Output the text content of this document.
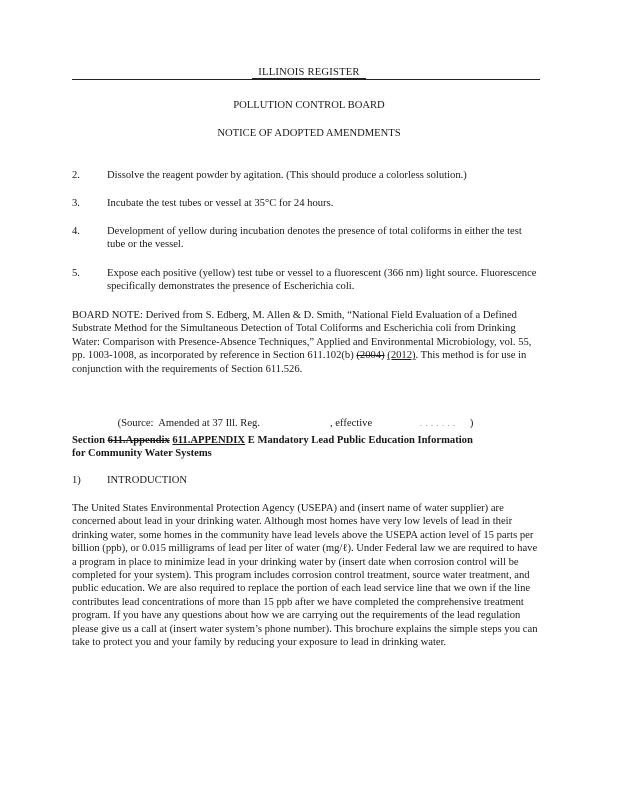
ILLINOIS REGISTER
POLLUTION CONTROL BOARD
NOTICE OF ADOPTED AMENDMENTS
2.	Dissolve the reagent powder by agitation. (This should produce a colorless solution.)
3.	Incubate the test tubes or vessel at 35°C for 24 hours.
4.	Development of yellow during incubation denotes the presence of total coliforms in either the test tube or the vessel.
5.	Expose each positive (yellow) test tube or vessel to a fluorescent (366 nm) light source. Fluorescence specifically demonstrates the presence of Escherichia coli.
BOARD NOTE: Derived from S. Edberg, M. Allen & D. Smith, “National Field Evaluation of a Defined Substrate Method for the Simultaneous Detection of Total Coliforms and Escherichia coli from Drinking Water: Comparison with Presence-Absence Techniques,” Applied and Environmental Microbiology, vol. 55, pp. 1003-1008, as incorporated by reference in Section 611.102(b) (2004) (2012). This method is for use in conjunction with the requirements of Section 611.526.

(Source:  Amended at 37 Ill. Reg.	, effective	. . . . . . . )

Section 611.Appendix 611.APPENDIX E Mandatory Lead Public Education Information
for Community Water Systems
1)	INTRODUCTION
The United States Environmental Protection Agency (USEPA) and (insert name of water supplier) are concerned about lead in your drinking water. Although most homes have very low levels of lead in their drinking water, some homes in the community have lead levels above the USEPA action level of 15 parts per billion (ppb), or 0.015 milligrams of lead per liter of water (mg/ℓ). Under Federal law we are required to have a program in place to minimize lead in your drinking water by (insert date when corrosion control will be completed for your system). This program includes corrosion control treatment, source water treatment, and public education. We are also required to replace the portion of each lead service line that we own if the line contributes lead concentrations of more than 15 ppb after we have completed the comprehensive treatment program. If you have any questions about how we are carrying out the requirements of the lead regulation please give us a call at (insert water system’s phone number). This brochure explains the simple steps you can take to protect you and your family by reducing your exposure to lead in drinking water.
